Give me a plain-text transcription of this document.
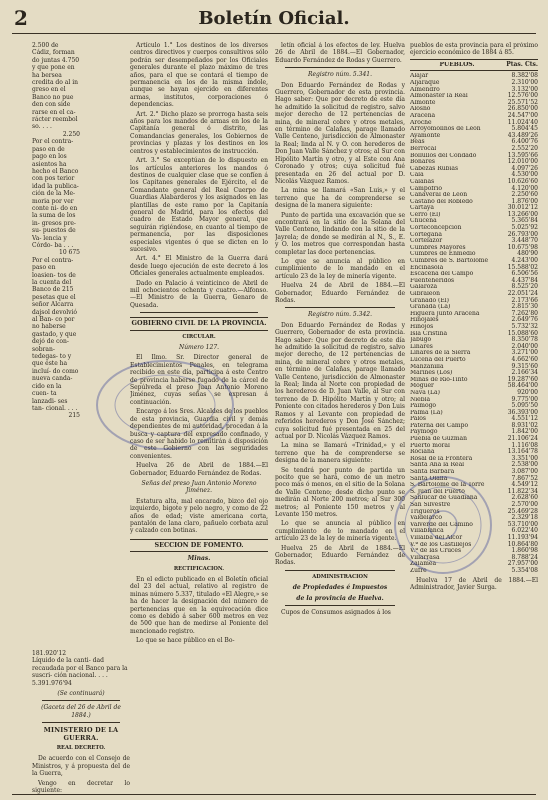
2	Boletín Oficial.
2.500 de
Cádiz, forman do juntas 4.750 y que pone en ha bersea credita do al in greso en el Banco no pue den con side rarse en el ca- rácter reembol so. . . .
2.250
Por el contra- paso en de pago en los asientos ha hecho el Banco con pos terior idad la publica- ción de la Me- moria por ver conte ni- do en la suma de los in- gresos pre- su- puestos de Va- lencia y Córdo- ba . . .
10 675
Por el contra- paso en loasien- tos de la cuenta del Banco de 215 pesetas que el señor Alcarra dajsol devolvió al Ban- co por no haberse gastado, y que dejó de con- sobran- tedegas- to y que éste ha incluí- do como nueva canda- cido en la cuen- ta lanzadi- ses tan- cional. . . .
215
181.920'12
Líquido de la canti- dad recaudada por el Banco para la suscri- ción nacional. . . .
5.391.976'94
(Se continuará)
(Gaceta del 26 de Abril de 1884.)
MINISTERIO DE LA GUERRA.
REAL DECRETO.

De acuerdo con el Consejo de Ministros, y á propuesta del de la Guerra,

Vengo en decretar lo siguiente:

Artículo 1.° Los destinos de los diversos centros directivos y cuerpos consultivos sólo podrán ser desempeñados por los Oficiales generales durante el plazo máximo de tres años, para el que se contará el tiempo de permanencia en los de la misma índole, aunque se hayan ejercido en diferentes armas, institutos, corporaciones ó dependencias.

Art. 2.° Dicho plazo se prorroga hasta seis años para los mandos de armas en los de la Capitanía general ó distrito, las Comandancias generales, los Gobiernos de provincias y plazas y los destinos en los centros y establecimientos de instrucción.

Art. 3.° Se exceptúan de lo dispuesto en los artículos anteriores los mandos ó destinos de cualquier clase que se confíen á los Capitanes generales de Ejército, el de Comandante general del Real Cuerpo de Guardias Alabarderos y los asignados en las plantillas de este ramo por la Capitanía general de Madrid, para los efectos del cuadro de Estado Mayor general, que seguirán rigiéndose, en cuanto al tiempo de permanencia, por las disposiciones especiales vigentes ó que se dicten en lo sucesivo.

Art. 4.° El Ministro de la Guerra dará desde luego ejecución de este decreto á los Oficiales generales actualmente empleados.

Dado en Palacio á veinticinco de Abril de mil ochocientos ochenta y cuatro.—Alfonso.—El Ministro de la Guerra, Genaro de Quesada.

GOBIERNO CIVIL DE LA PROVINCIA.
CIRCULAR.
Número 127.

El Ilmo. Sr. Director general de Establecimientos Penales, en telegrama recibido en este día, participa á este Centro de provincia haberse fugado de la cárcel de Sepúlveda el preso Juan Antonio Moreno Jiménez, cuyas señas se expresan á continuación.

Encargo á los Sres. Alcaldes de los pueblos de esta provincia, Guardia civil y demás dependientes de mi autoridad, procedan á la busca y captura del expresado confinado, y caso de ser habido lo remitirán á disposición de este Gobierno con las seguridades convenientes.

Huelva 26 de Abril de 1884.—El Gobernador, Eduardo Fernández de Rodas.

Señas del preso Juan Antonio Moreno Jiménez.

Estatura alta, mal encarado, bizco del ojo izquierdo, bigote y pelo negro, y como de 22 años de edad; viste americana corta, pantalón de lana claro, pañuelo corbata azul y calzado con botinas.

SECCION DE FOMENTO.
Minas.
RECTIFICACION.

En el edicto publicado en el Boletín oficial del 23 del actual, relativo al registro de minas número 5.337, titulado «El Alegre,» se ha de hacer la designación del número de pertenencias que en la equivocación dice como es debido á saber 600 metros en vez de 500 que han de medirse al Poniente del mencionado registro.

Lo que se hace público en el Bo-

letín oficial á los efectos de ley. Huelva 26 de Abril de 1884.—El Gobernador, Eduardo Fernández de Rodas y Guerrero.

Registro núm. 5.341.

Don Eduardo Fernández de Rodas y Guerrero, Gobernador de esta provincia. Hago saber: Que por decreto de este día he admitido la solicitud de registro, salvo mejor derecho de 12 pertenencias de mina, de mineral cobre y otros metales, en término de Calañas, parage llamado Valle Centeno, jurisdicción de Almonaster la Real; linda al N. y O. con herederos de Don Juan Valle Sánchez y otros; al Sur con Hipólito Martín y otro, y al Este con Ana Coronado y otros; cuya solicitud fué presentada en 26 del actual por D. Nicolás Vázquez Ramos.

La mina se llamará «San Luis,» y el terreno que ha de comprenderse se designa de la manera siguiente:

Punto de partida una excavación que se encontrará en la sitio de la Solana del Valle Centeno, lindando con la sitio de la Jayrela; de donde se medirán al N., S., E. y O. los metros que correspondan hasta completar las doce pertenencias.

Lo que se anuncia al público en cumplimiento de lo mandado en el artículo 23 de la ley de minería vigente.

Huelva 24 de Abril de 1884.—El Gobernador, Eduardo Fernández de Rodas.

Registro núm. 5.342.

Don Eduardo Fernández de Rodas y Guerrero, Gobernador de esta provincia. Hago saber: Que por decreto de este día he admitido la solicitud de registro, salvo mejor derecho, de 12 pertenencias de mina, de mineral cobre y otros metales, en término de Calañas, parage llamado Valle Centeno, jurisdicción de Almonaster la Real; linda al Norte con propiedad de los herederos de D. Juan Valle, al Sur con terreno de D. Hipólito Martín y otro; al Poniente con citados herederos y Don Luis Ramos y al Levante con propiedad de referidos herederos y Don José Sánchez; cuya solicitud fué presentada en 25 del actual por D. Nicolás Vázquez Ramos.

La mina se llamará «Trinidad,» y el terreno que ha de comprenderse se designa de la manera siguiente:

Se tendrá por punto de partida un pocito que se hará, como de un metro poco más ó menos, en el sitio de la Solana de Valle Centeno; desde dicho punto se medirán al Norte 200 metros; al Sur 300 metros; al Poniente 150 metros y al Levante 150 metros.

Lo que se anuncia al público en cumplimiento de lo mandado en el artículo 23 de la ley de minería vigente.

Huelva 25 de Abril de 1884.—El Gobernador, Eduardo Fernández de Rodas.

ADMINISTRACION
de Propiedades é Impuestos
de la provincia de Huelva.

Cupos de Consumos asignados á los

pueblos de esta provincia para el próximo ejercicio económico de 1884 á 85.

PUEBLOS.	Ptas. Cts.
Alájar	8.382'08
Aljaraque	2.310'00
Almendro	3.132'00
Almonaster la Real	12.576'00
Almonte	25.571'52
Alosno	26.850'00
Aracena	24.547'00
Aroche	11.024'40
Arroyomolinos de León	5.804'45
Ayamonte	43.489'26
Beas	6.400'76
Berrocal	2.552'20
Bollullos del Condado	13.595'66
Bonares	12.010'00
Cabezas Rubias	4.097'26
Cala	4.530'00
Calañas	10.626'60
Campofrío	4.120'00
Cañaveral de León	2.250'60
Castaño del Robledo	1.876'00
Cartaya	30.012'12
Cerro (El)	13.266'00
Chucena	5.365'84
Corteconcepción	5.025'92
Cortegana	26.793'00
Cortelazor	3.448'70
Cumbres Mayores	10.675'98
Cumbres de Enmedio	480'90
Cumbres de S. Bartolomé	4.243'00
Encinasola	15.588'02
Escacena del Campo	6.506'56
Fuenteheridos	4.437'84
Galaroza	8.525'20
Gibraleón	22.051'24
Granado (El)	2.173'66
Granada (La)	2.815'30
Higuera junto Aracena	7.262'80
Hinojales	2.649'76
Hinojos	5.732'32
Isla Cristina	15.088'60
Jabugo	8.350'78
Linares	2.040'00
Linares de la Sierra	3.271'00
Lucena del Puerto	4.662'60
Manzanilla	9.315'60
Marines (Los)	2.166'34
Minas de Río-Tinto	19.287'60
Moguer	58.464'00
Nava (La)	920'00
Niebla	9.775'00
Paimogo	5.095'50
Palma (La)	36.393'00
Palos	4.551'12
Paterna del Campo	8.931'02
Paymogo	1.842'00
Puebla de Guzmán	21.106'24
Puerto moral	1.116'08
Rociana	13.164'78
Rosal de la Frontera	3.351'00
Santa Ana la Real	2.538'00
Santa Bárbara	3.087'00
Santa Olalla	7.867'52
S. Bartolomé de la Torre	4.549'12
S. Juan del Puerto	11.822'34
Sanlúcar de Guadiana	2.628'60
San Silvestre	2.570'00
Trigueros	25.469'28
Valdelarco	2.329'18
Valverde del Camino	53.710'00
Villablanca	6.022'40
Villalba del Alcor	11.193'94
V.ª de los Castillejos	10.864'80
V.ª de las Cruces	1.860'98
Villarrasa	8.788'24
Zalamea	27.957'00
Zufre	5.354'08

Huelva 17 de Abril de 1884.—El Administrador, Javier Surga.
